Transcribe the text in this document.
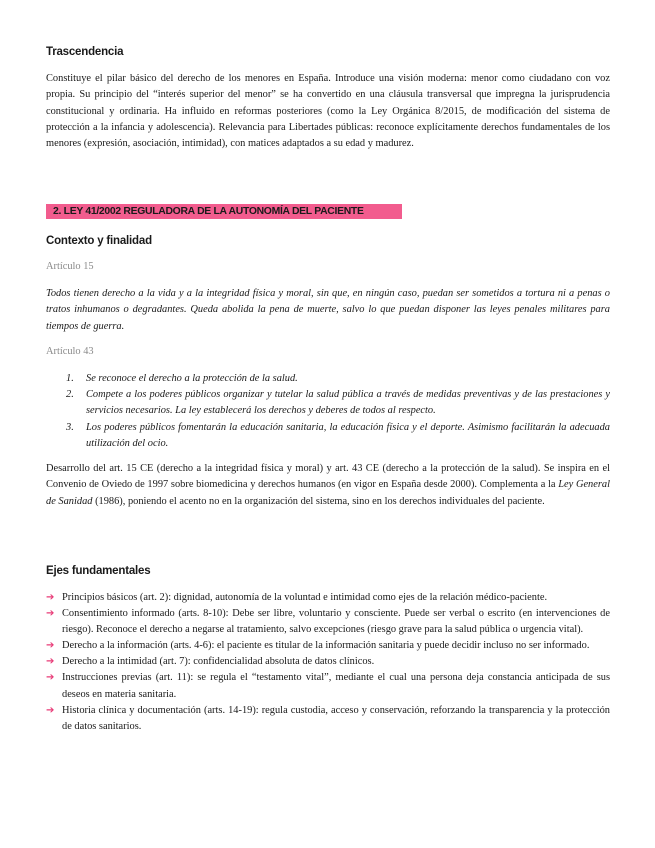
Trascendencia

Constituye el pilar básico del derecho de los menores en España. Introduce una visión moderna: menor como ciudadano con voz propia. Su principio del “interés superior del menor” se ha convertido en una cláusula transversal que impregna la jurisprudencia constitucional y ordinaria. Ha influido en reformas posteriores (como la Ley Orgánica 8/2015, de modificación del sistema de protección a la infancia y adolescencia). Relevancia para Libertades públicas: reconoce explícitamente derechos fundamentales de los menores (expresión, asociación, intimidad), con matices adaptados a su edad y madurez.

2. LEY 41/2002 REGULADORA DE LA AUTONOMÍA DEL PACIENTE
Contexto y finalidad
Artículo 15

Todos tienen derecho a la vida y a la integridad física y moral, sin que, en ningún caso, puedan ser sometidos a tortura ni a penas o tratos inhumanos o degradantes. Queda abolida la pena de muerte, salvo lo que puedan disponer las leyes penales militares para tiempos de guerra.

Artículo 43
1. Se reconoce el derecho a la protección de la salud.
2. Compete a los poderes públicos organizar y tutelar la salud pública a través de medidas preventivas y de las prestaciones y servicios necesarios. La ley establecerá los derechos y deberes de todos al respecto.
3. Los poderes públicos fomentarán la educación sanitaria, la educación física y el deporte. Asimismo facilitarán la adecuada utilización del ocio.

Desarrollo del art. 15 CE (derecho a la integridad física y moral) y art. 43 CE (derecho a la protección de la salud). Se inspira en el Convenio de Oviedo de 1997 sobre biomedicina y derechos humanos (en vigor en España desde 2000). Complementa a la Ley General de Sanidad (1986), poniendo el acento no en la organización del sistema, sino en los derechos individuales del paciente.

Ejes fundamentales
➔ Principios básicos (art. 2): dignidad, autonomía de la voluntad e intimidad como ejes de la relación médico-paciente.
➔ Consentimiento informado (arts. 8-10): Debe ser libre, voluntario y consciente. Puede ser verbal o escrito (en intervenciones de riesgo). Reconoce el derecho a negarse al tratamiento, salvo excepciones (riesgo grave para la salud pública o urgencia vital).
➔ Derecho a la información (arts. 4-6): el paciente es titular de la información sanitaria y puede decidir incluso no ser informado.
➔ Derecho a la intimidad (art. 7): confidencialidad absoluta de datos clínicos.
➔ Instrucciones previas (art. 11): se regula el “testamento vital”, mediante el cual una persona deja constancia anticipada de sus deseos en materia sanitaria.
➔ Historia clínica y documentación (arts. 14-19): regula custodia, acceso y conservación, reforzando la transparencia y la protección de datos sanitarios.
